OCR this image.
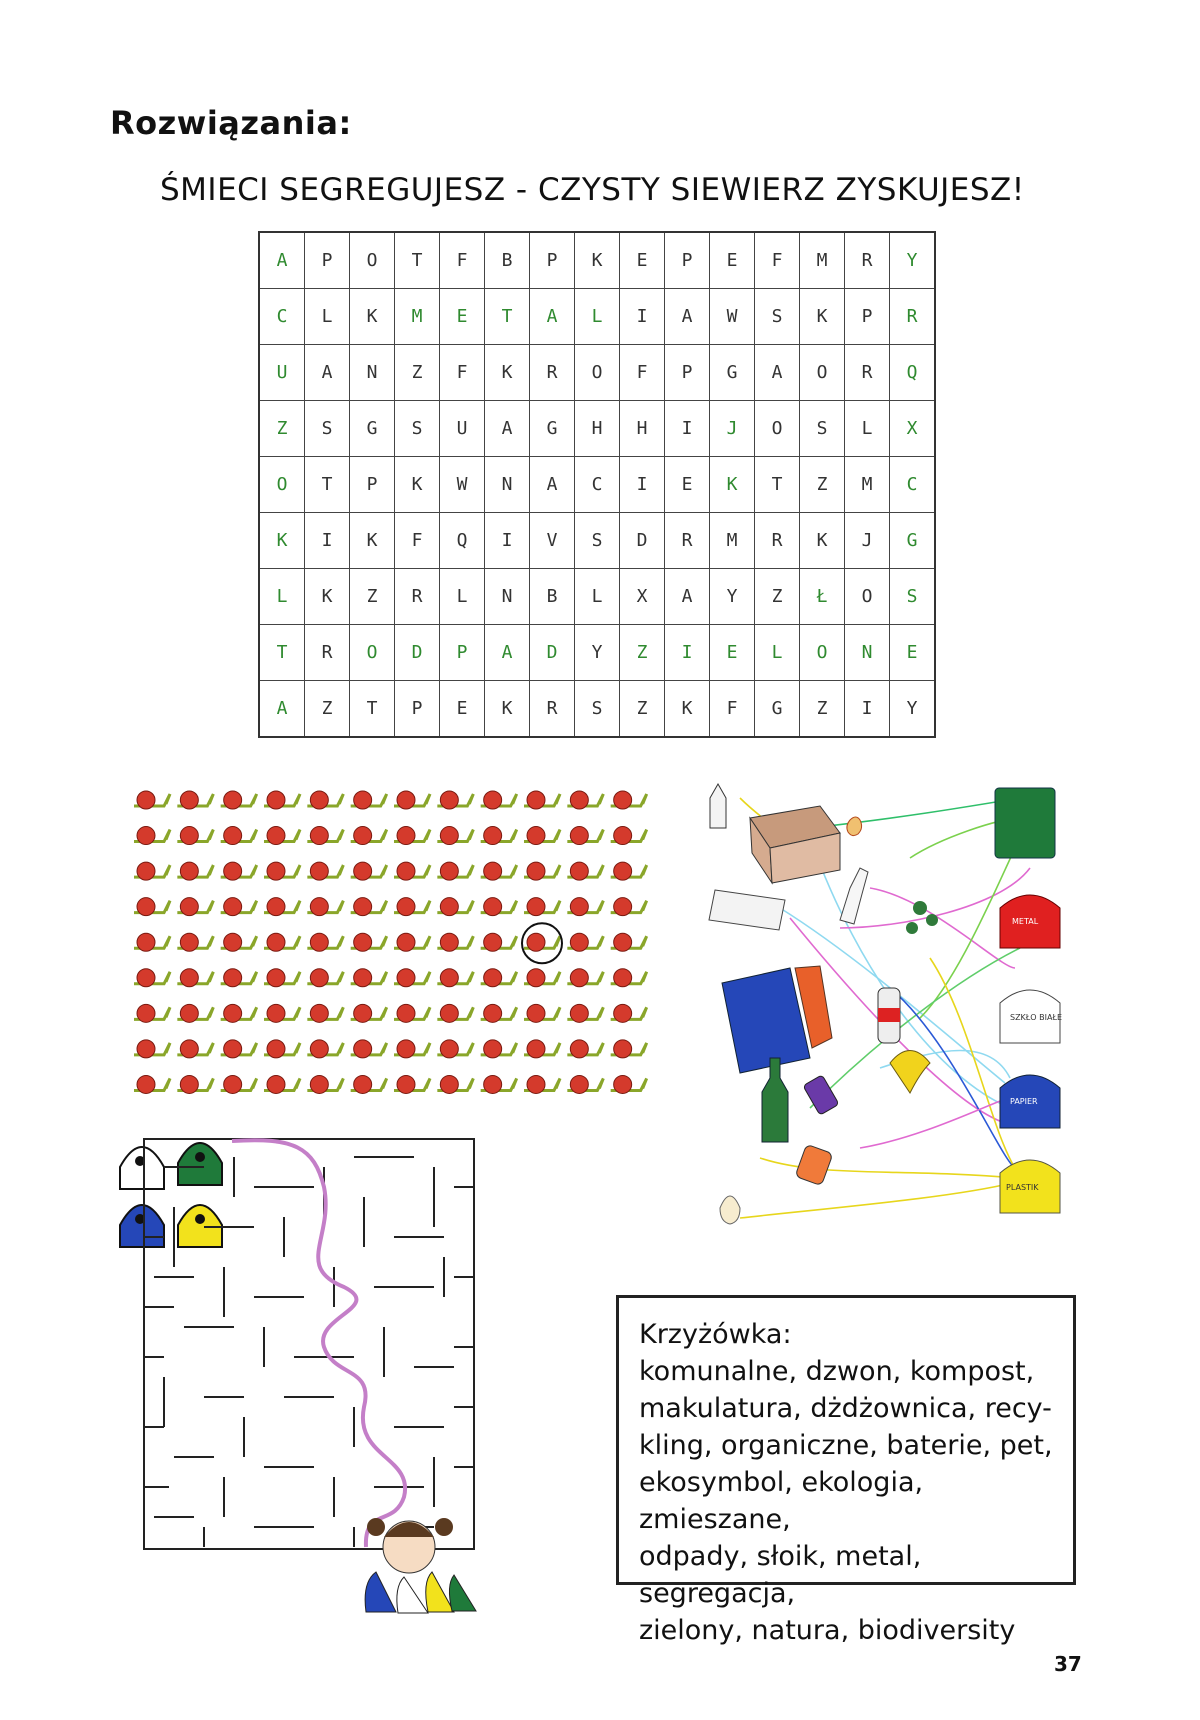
Rozwiązania:
ŚMIECI SEGREGUJESZ - CZYSTY SIEWIERZ ZYSKUJESZ!
A	P	O	T	F	B	P	K	E	P	E	F	M	R	Y
C	L	K	M	E	T	A	L	I	A	W	S	K	P	R
U	A	N	Z	F	K	R	O	F	P	G	A	O	R	Q
Z	S	G	S	U	A	G	H	H	I	J	O	S	L	X
O	T	P	K	W	N	A	C	I	E	K	T	Z	M	C
K	I	K	F	Q	I	V	S	D	R	M	R	K	J	G
L	K	Z	R	L	N	B	L	X	A	Y	Z	Ł	O	S
T	R	O	D	P	A	D	Y	Z	I	E	L	O	N	E
A	Z	T	P	E	K	R	S	Z	K	F	G	Z	I	Y
METAL
SZKŁO BIAŁE
PAPIER
PLASTIK
Krzyżówka:
komunalne, dzwon, kompost,
makulatura, dżdżownica, recy-
kling, organiczne, baterie, pet,
ekosymbol, ekologia, zmieszane,
odpady, słoik, metal, segregacja,
zielony, natura, biodiversity
37
